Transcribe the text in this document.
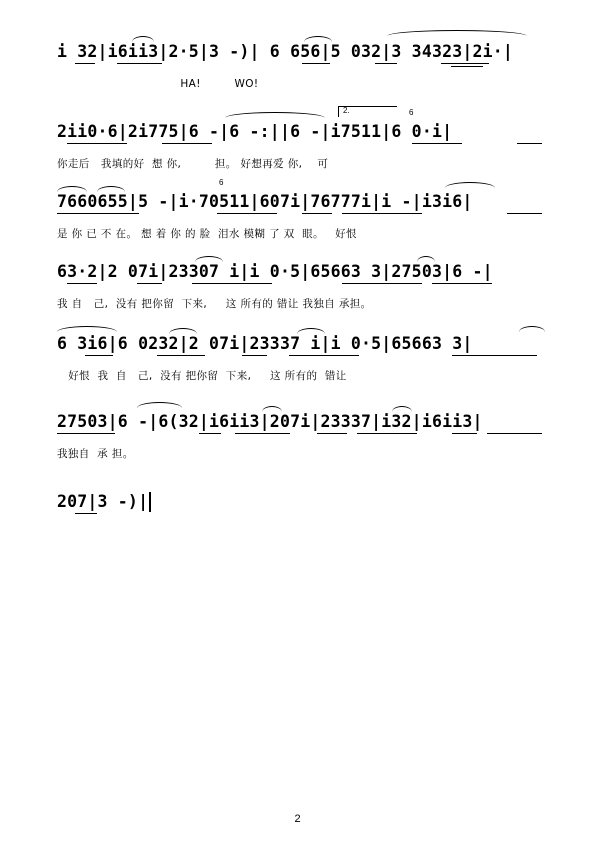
i 32|i6ii3|2·5|3 -)| 6 656|5 032|3 34323|2i·|
HA!         WO!
2ii0·6|2i775|6 -|6 -:||6 -|i7511|6 0·i|
你走后   我填的好  想 你,         担。 好想再爱 你,    可
2.	6
7660655|5 -|i·70511|607i|76777i|i -|i3i6|
是 你 已 不 在。 想 着 你 的 脸  泪水 模糊 了 双  眼。   好恨
6
63·2|2 07i|23307 i|i 0·5|65663 3|27503|6 -|
我 自   己,  没有 把你留  下来,     这 所有的 错让 我独自 承担。
6 3i6|6 0232|2 07i|23337 i|i 0·5|65663 3|
好恨  我  自   己,  没有 把你留  下来,     这 所有的  错让
27503|6 -|6(32|i6ii3|207i|23337|i32|i6ii3|
我独自  承 担。
207|3 -)|
2
